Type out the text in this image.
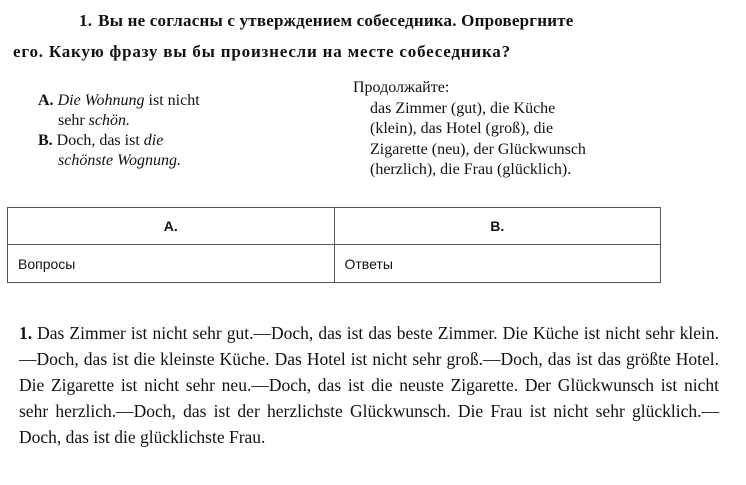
1. Вы не согласны с утверждением собеседника. Опровергните
его. Какую фразу вы бы произнесли на месте собеседника?
A. Die Wohnung ist nicht
sehr schön.
B. Doch, das ist die
schönste Wognung.
Продолжайте:
das Zimmer (gut), die Küche
(klein), das Hotel (groß), die
Zigarette (neu), der Glückwunsch
(herzlich), die Frau (glücklich).
A.	B.
Вопросы	Ответы
1. Das Zimmer ist nicht sehr gut.—Doch, das ist das beste Zimmer. Die Küche ist nicht sehr klein.—Doch, das ist die kleinste Küche. Das Hotel ist nicht sehr groß.—Doch, das ist das größte Hotel. Die Zigarette ist nicht sehr neu.—Doch, das ist die neuste Zigarette. Der Glückwunsch ist nicht sehr herzlich.—Doch, das ist der herzlichste Glückwunsch. Die Frau ist nicht sehr glücklich.—Doch, das ist die glücklichste Frau.
